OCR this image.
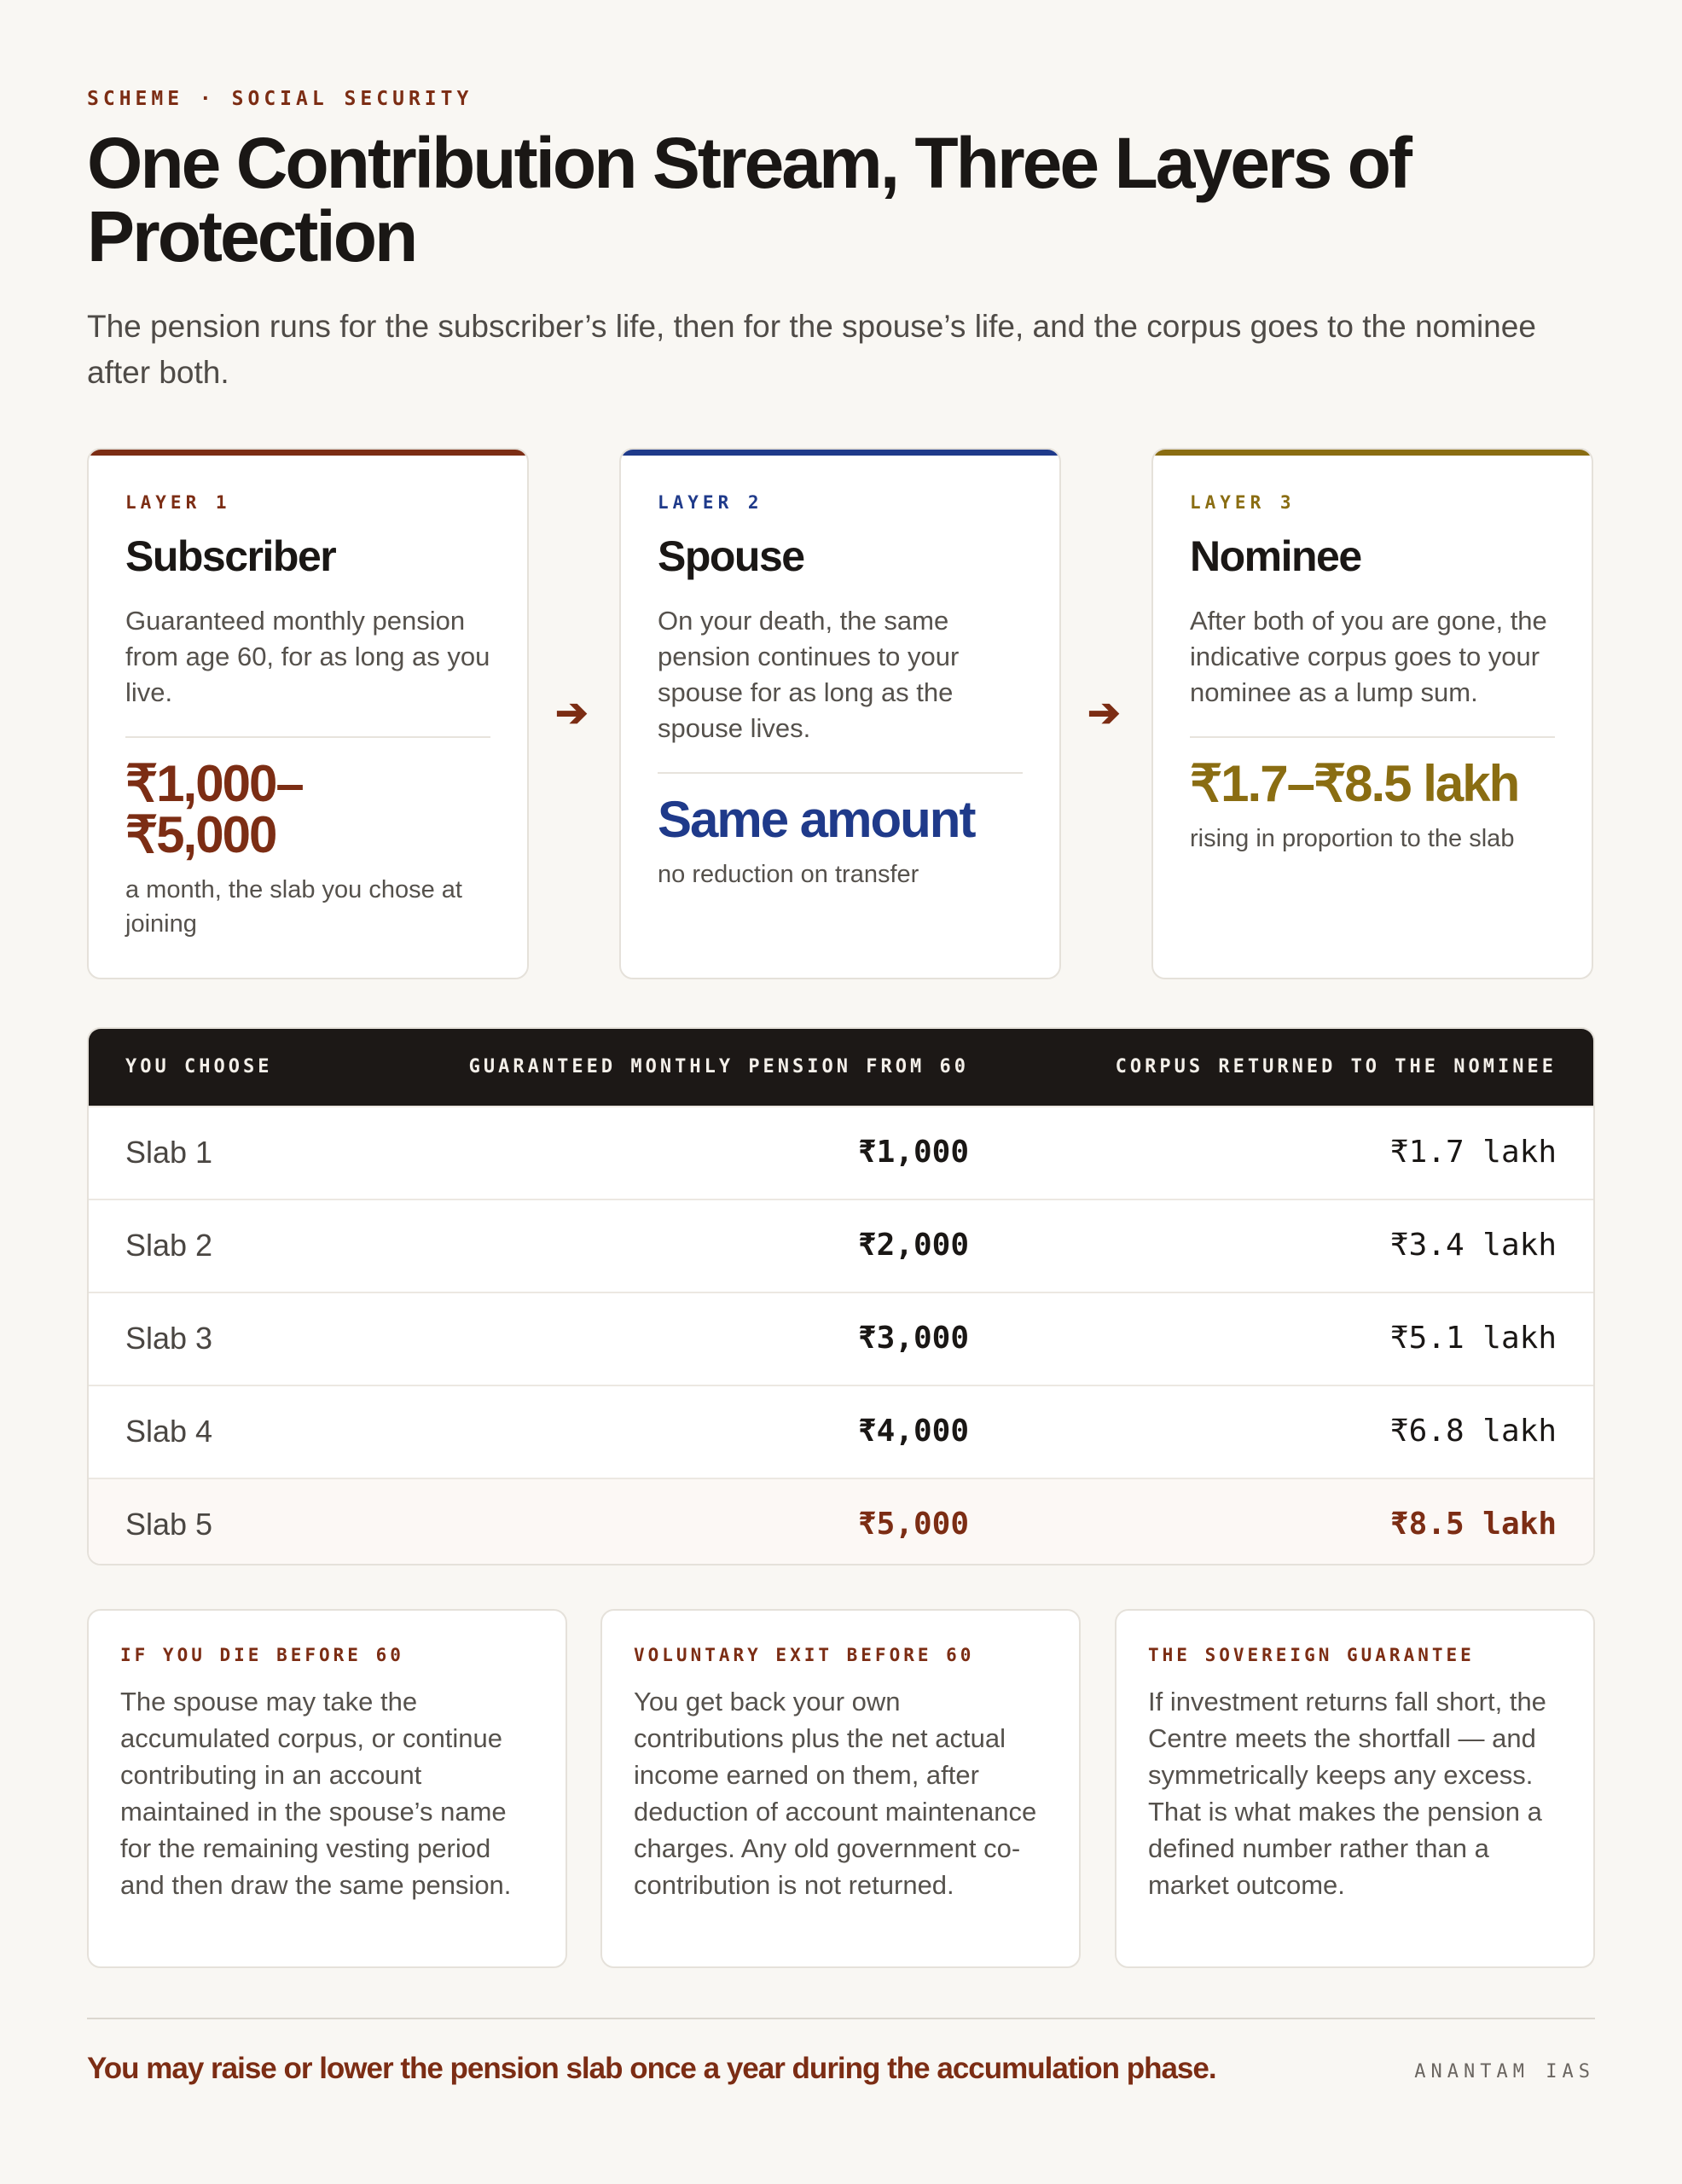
SCHEME · SOCIAL SECURITY
One Contribution Stream, Three Layers of Protection
The pension runs for the subscriber’s life, then for the spouse’s life, and the corpus goes to the nominee after both.
LAYER 1
Subscriber
Guaranteed monthly pension from age 60, for as long as you live.
₹1,000–₹5,000
a month, the slab you chose at joining
➔
LAYER 2
Spouse
On your death, the same pension continues to your spouse for as long as the spouse lives.
Same amount
no reduction on transfer
➔
LAYER 3
Nominee
After both of you are gone, the indicative corpus goes to your nominee as a lump sum.
₹1.7–₹8.5 lakh
rising in proportion to the slab
YOU CHOOSE	GUARANTEED MONTHLY PENSION FROM 60	CORPUS RETURNED TO THE NOMINEE
Slab 1	₹1,000	₹1.7 lakh
Slab 2	₹2,000	₹3.4 lakh
Slab 3	₹3,000	₹5.1 lakh
Slab 4	₹4,000	₹6.8 lakh
Slab 5	₹5,000	₹8.5 lakh
IF YOU DIE BEFORE 60
The spouse may take the accumulated corpus, or continue contributing in an account maintained in the spouse’s name for the remaining vesting period and then draw the same pension.
VOLUNTARY EXIT BEFORE 60
You get back your own contributions plus the net actual income earned on them, after deduction of account maintenance charges. Any old government co-contribution is not returned.
THE SOVEREIGN GUARANTEE
If investment returns fall short, the Centre meets the shortfall — and symmetrically keeps any excess. That is what makes the pension a defined number rather than a market outcome.
You may raise or lower the pension slab once a year during the accumulation phase.	ANANTAM IAS
